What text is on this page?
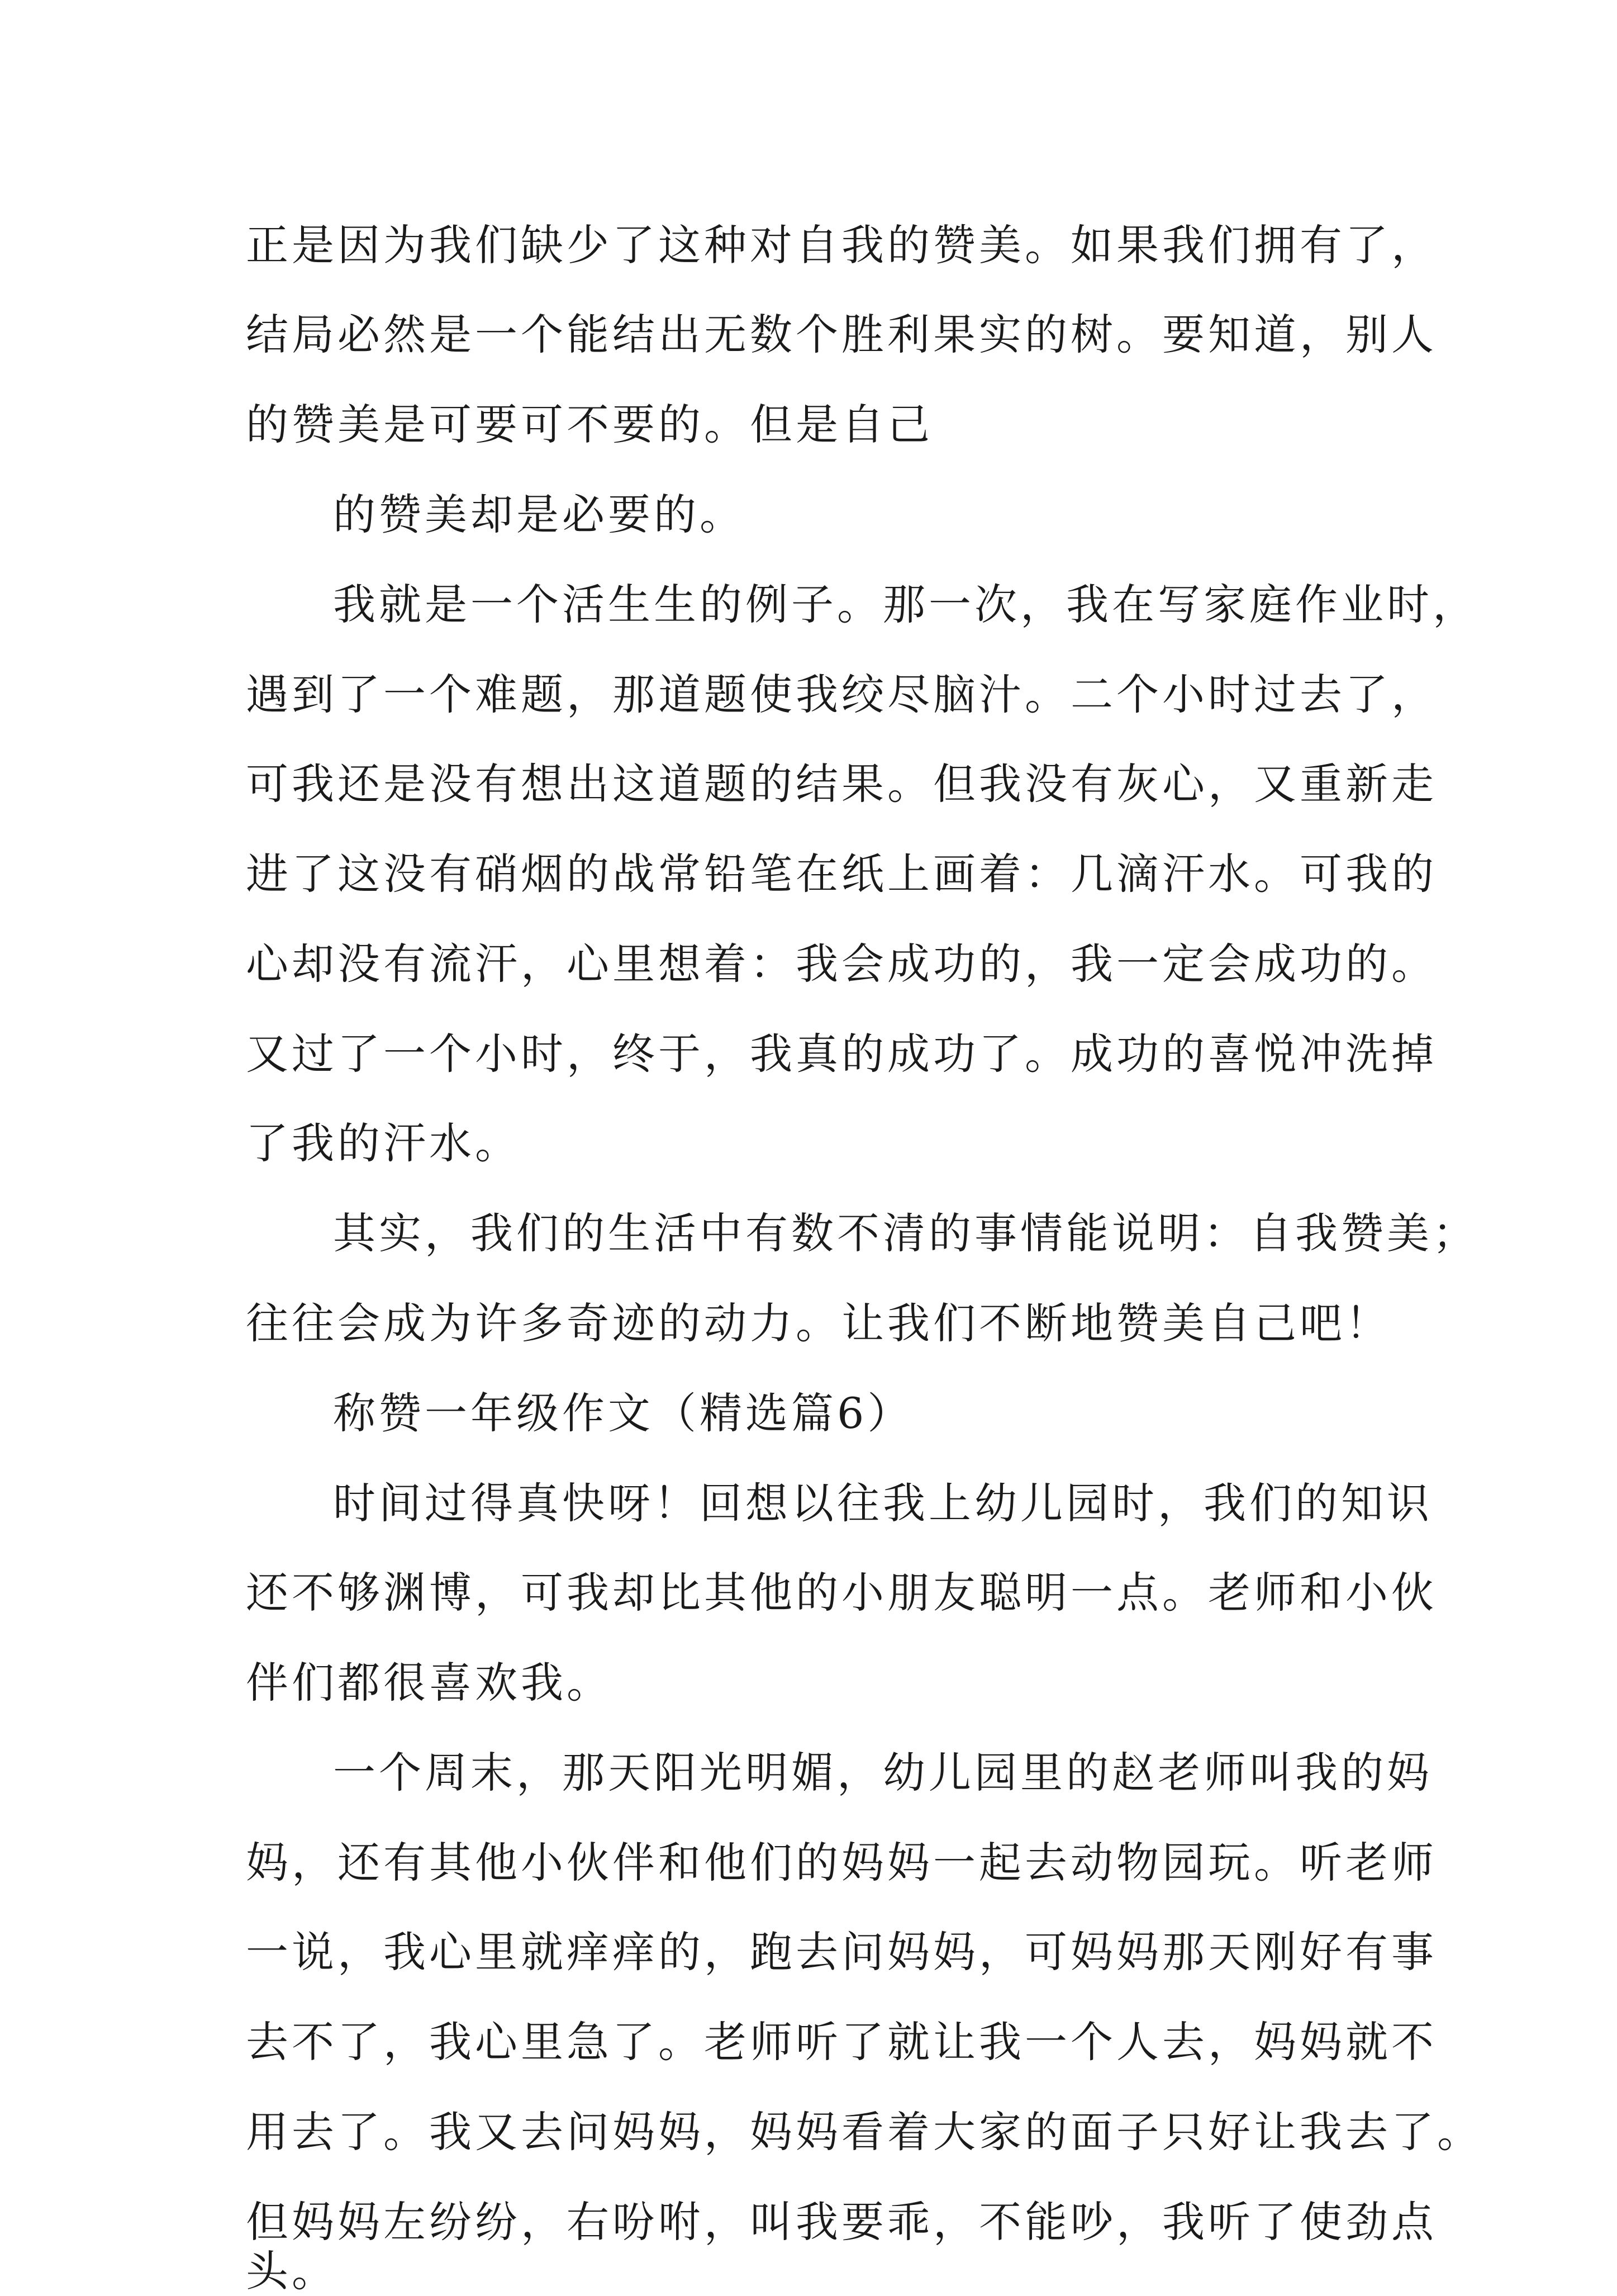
正是因为我们缺少了这种对自我的赞美。如果我们拥有了，
结局必然是一个能结出无数个胜利果实的树。要知道，别人
的赞美是可要可不要的。但是自己
的赞美却是必要的。
我就是一个活生生的例子。那一次，我在写家庭作业时，
遇到了一个难题，那道题使我绞尽脑汁。二个小时过去了，
可我还是没有想出这道题的结果。但我没有灰心，又重新走
进了这没有硝烟的战常铅笔在纸上画着：几滴汗水。可我的
心却没有流汗，心里想着：我会成功的，我一定会成功的。
又过了一个小时，终于，我真的成功了。成功的喜悦冲洗掉
了我的汗水。
其实，我们的生活中有数不清的事情能说明：自我赞美；
往往会成为许多奇迹的动力。让我们不断地赞美自己吧！
称赞一年级作文（精选篇6）
时间过得真快呀！回想以往我上幼儿园时，我们的知识
还不够渊博，可我却比其他的小朋友聪明一点。老师和小伙
伴们都很喜欢我。
一个周末，那天阳光明媚，幼儿园里的赵老师叫我的妈
妈，还有其他小伙伴和他们的妈妈一起去动物园玩。听老师
一说，我心里就痒痒的，跑去问妈妈，可妈妈那天刚好有事
去不了，我心里急了。老师听了就让我一个人去，妈妈就不
用去了。我又去问妈妈，妈妈看着大家的面子只好让我去了。
但妈妈左纷纷，右吩咐，叫我要乖，不能吵，我听了使劲点
头。
